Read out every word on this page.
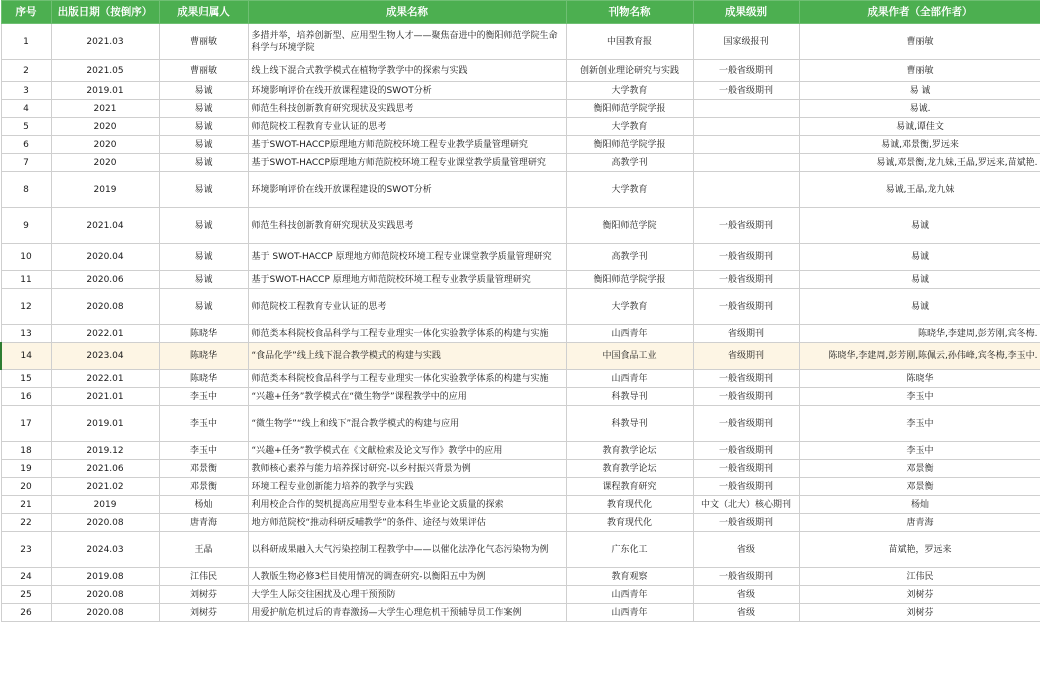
序号	出版日期（按倒序）	成果归属人	成果名称	刊物名称	成果级别	成果作者（全部作者）
1	2021.03	曹丽敏	多措并举，培养创新型、应用型生物人才——聚焦奋进中的衡阳师范学院生命科学与环境学院	中国教育报	国家级报刊	曹丽敏
2	2021.05	曹丽敏	线上线下混合式教学模式在植物学教学中的探索与实践	创新创业理论研究与实践	一般省级期刊	曹丽敏
3	2019.01	易诚	环境影响评价在线开放课程建设的SWOT分析	大学教育	一般省级期刊	易 诚
4	2021	易诚	师范生科技创新教育研究现状及实践思考	衡阳师范学院学报		易诚.
5	2020	易诚	师范院校工程教育专业认证的思考	大学教育		易诚,谭佳文
6	2020	易诚	基于SWOT-HACCP原理地方师范院校环境工程专业教学质量管理研究	衡阳师范学院学报		易诚,邓景衡,罗远来
7	2020	易诚	基于SWOT-HACCP原理地方师范院校环境工程专业课堂教学质量管理研究	高教学刊		易诚,邓景衡,龙九妹,王晶,罗远来,苗斌艳.
8	2019	易诚	环境影响评价在线开放课程建设的SWOT分析	大学教育		易诚,王晶,龙九妹
9	2021.04	易诚	师范生科技创新教育研究现状及实践思考	衡阳师范学院	一般省级期刊	易诚
10	2020.04	易诚	基于 SWOT-HACCP 原理地方师范院校环境工程专业课堂教学质量管理研究	高教学刊	一般省级期刊	易诚
11	2020.06	易诚	基于SWOT-HACCP 原理地方师范院校环境工程专业教学质量管理研究	衡阳师范学院学报	一般省级期刊	易诚
12	2020.08	易诚	师范院校工程教育专业认证的思考	大学教育	一般省级期刊	易诚
13	2022.01	陈晓华	师范类本科院校食品科学与工程专业理实一体化实验教学体系的构建与实施	山西青年	省级期刊	陈晓华,李建周,彭芳刚,宾冬梅.
14	2023.04	陈晓华	“食品化学”线上线下混合教学模式的构建与实践	中国食品工业	省级期刊	陈晓华,李建周,彭芳刚,陈佩云,孙伟峰,宾冬梅,李玉中.
15	2022.01	陈晓华	师范类本科院校食品科学与工程专业理实一体化实验教学体系的构建与实施	山西青年	一般省级期刊	陈晓华
16	2021.01	李玉中	“兴趣+任务”教学模式在“微生物学”课程教学中的应用	科教导刊	一般省级期刊	李玉中
17	2019.01	李玉中	“微生物学”“线上和线下”混合教学模式的构建与应用	科教导刊	一般省级期刊	李玉中
18	2019.12	李玉中	“兴趣+任务”教学模式在《文献检索及论文写作》教学中的应用	教育教学论坛	一般省级期刊	李玉中
19	2021.06	邓景衡	教师核心素养与能力培养探讨研究-以乡村振兴背景为例	教育教学论坛	一般省级期刊	邓景衡
20	2021.02	邓景衡	环境工程专业创新能力培养的教学与实践	课程教育研究	一般省级期刊	邓景衡
21	2019	杨灿	利用校企合作的契机提高应用型专业本科生毕业论文质量的探索	教育现代化	中文（北大）核心期刊	杨灿
22	2020.08	唐青海	地方师范院校“推动科研反哺教学”的条件、途径与效果评估	教育现代化	一般省级期刊	唐青海
23	2024.03	王晶	以科研成果融入大气污染控制工程教学中——以催化法净化气态污染物为例	广东化工	省级	苗斌艳，罗远来
24	2019.08	江伟民	人教版生物必修3栏目使用情况的调查研究-以衡阳五中为例	教育观察	一般省级期刊	江伟民
25	2020.08	刘树芬	大学生人际交往困扰及心理干预预防	山西青年	省级	刘树芬
26	2020.08	刘树芬	用爱护航危机过后的青春激扬—大学生心理危机干预辅导员工作案例	山西青年	省级	刘树芬
